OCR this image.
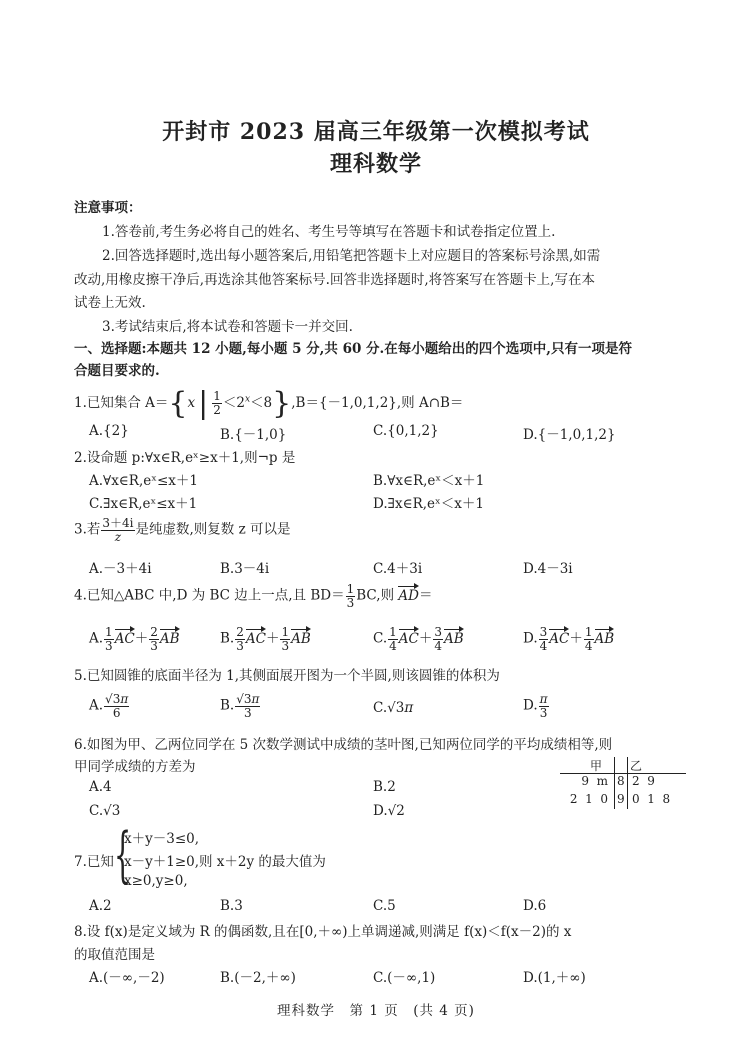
开封市 2023 届高三年级第一次模拟考试
理科数学
注意事项：
1.答卷前,考生务必将自己的姓名、考生号等填写在答题卡和试卷指定位置上.
2.回答选择题时,选出每小题答案后,用铅笔把答题卡上对应题目的答案标号涂黑,如需
改动,用橡皮擦干净后,再选涂其他答案标号.回答非选择题时,将答案写在答题卡上,写在本
试卷上无效.
3.考试结束后,将本试卷和答题卡一并交回.
一、选择题:本题共 12 小题,每小题 5 分,共 60 分.在每小题给出的四个选项中,只有一项是符
合题目要求的.
1.已知集合 A＝{x | $\frac{1}{2} <2^x<8\},B=\{-1,0,1,2\}$,则 A∩B＝
A.{2}	B.{－1,0}	C.{0,1,2}	D.{－1,0,1,2}
2.设命题 p:∀x∈R,eˣ≥x＋1,则¬p 是
A.∀x∈R,eˣ≤x＋1	B.∀x∈R,eˣ＜x＋1
C.∃x∈R,eˣ≤x＋1	D.∃x∈R,eˣ＜x＋1
3.若 $\frac{3+4i}{z}$ 是纯虚数,则复数 z 可以是
A.－3＋4i	B.3－4i	C.4＋3i	D.4－3i
4.已知△ABC 中,D 为 BC 边上一点,且 $BD= \frac{1}{3}$ BC,则 AD＝
A. $\frac{1}{3} AC+ \frac{2}{3}$ AB	B. $\frac{2}{3} AC+ \frac{1}{3}$ AB	C. $\frac{1}{4} AC+ \frac{3}{4}$ AB	D. $\frac{3}{4} AC+ \frac{1}{4}$ AB
5.已知圆锥的底面半径为 1,其侧面展开图为一个半圆,则该圆锥的体积为
A. $\frac{√3\pi}{6}$	B. $\frac{√3\pi}{3}$	C.√3π	D. $\frac{\pi}{3}$
6.如图为甲、乙两位同学在 5 次数学测试中成绩的茎叶图,已知两位同学的平均成绩相等,则
甲同学成绩的方差为
A.4	B.2
C.√3	D.√2
甲 乙
9  m 8 2  9
2  1  0 9 0  1  8
7.已知 {
x＋y－3≤0,
x－y＋1≥0,则 x＋2y 的最大值为
x≥0,y≥0,
A.2	B.3	C.5	D.6
8.设 f(x)是定义域为 R 的偶函数,且在[0,＋∞)上单调递减,则满足 f(x)＜f(x－2)的 x
的取值范围是
A.(－∞,－2)	B.(－2,＋∞)	C.(－∞,1)	D.(1,＋∞)
理科数学　第 1 页　(共 4 页)
